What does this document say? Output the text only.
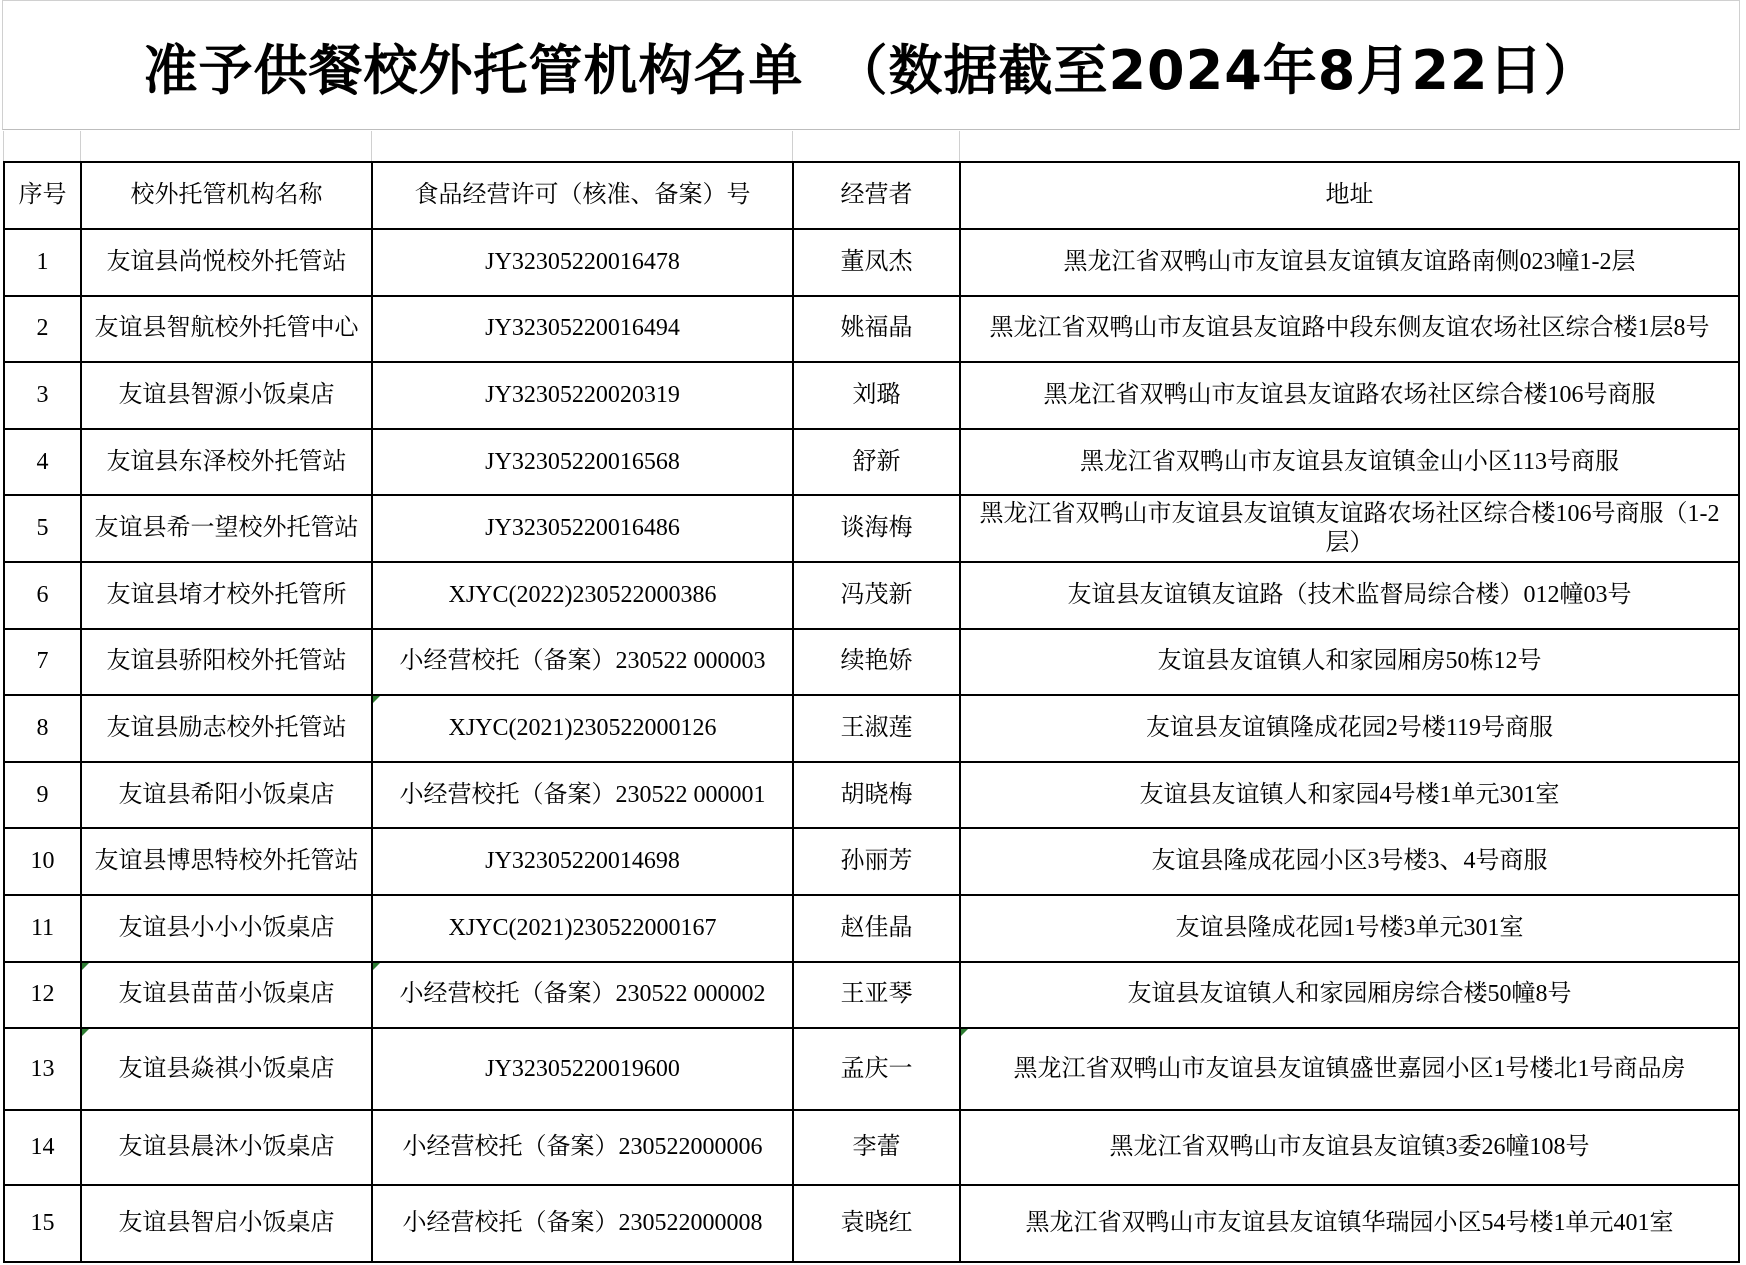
准予供餐校外托管机构名单 （数据截至2024年8月22日）
序号	校外托管机构名称	食品经营许可（核准、备案）号	经营者	地址
1	友谊县尚悦校外托管站	JY32305220016478	董凤杰	黑龙江省双鸭山市友谊县友谊镇友谊路南侧023幢1-2层
2	友谊县智航校外托管中心	JY32305220016494	姚福晶	黑龙江省双鸭山市友谊县友谊路中段东侧友谊农场社区综合楼1层8号
3	友谊县智源小饭桌店	JY32305220020319	刘璐	黑龙江省双鸭山市友谊县友谊路农场社区综合楼106号商服
4	友谊县东泽校外托管站	JY32305220016568	舒新	黑龙江省双鸭山市友谊县友谊镇金山小区113号商服
5	友谊县希一望校外托管站	JY32305220016486	谈海梅	黑龙江省双鸭山市友谊县友谊镇友谊路农场社区综合楼106号商服（1-2层）
6	友谊县堉才校外托管所	XJYC(2022)230522000386	冯茂新	友谊县友谊镇友谊路（技术监督局综合楼）012幢03号
7	友谊县骄阳校外托管站	小经营校托（备案）230522 000003	续艳娇	友谊县友谊镇人和家园厢房50栋12号
8	友谊县励志校外托管站	XJYC(2021)230522000126	王淑莲	友谊县友谊镇隆成花园2号楼119号商服
9	友谊县希阳小饭桌店	小经营校托（备案）230522 000001	胡晓梅	友谊县友谊镇人和家园4号楼1单元301室
10	友谊县博思特校外托管站	JY32305220014698	孙丽芳	友谊县隆成花园小区3号楼3、4号商服
11	友谊县小小小饭桌店	XJYC(2021)230522000167	赵佳晶	友谊县隆成花园1号楼3单元301室
12	友谊县苗苗小饭桌店	小经营校托（备案）230522 000002	王亚琴	友谊县友谊镇人和家园厢房综合楼50幢8号
13	友谊县焱祺小饭桌店	JY32305220019600	孟庆一	黑龙江省双鸭山市友谊县友谊镇盛世嘉园小区1号楼北1号商品房
14	友谊县晨沐小饭桌店	小经营校托（备案）230522000006	李蕾	黑龙江省双鸭山市友谊县友谊镇3委26幢108号
15	友谊县智启小饭桌店	小经营校托（备案）230522000008	袁晓红	黑龙江省双鸭山市友谊县友谊镇华瑞园小区54号楼1单元401室
